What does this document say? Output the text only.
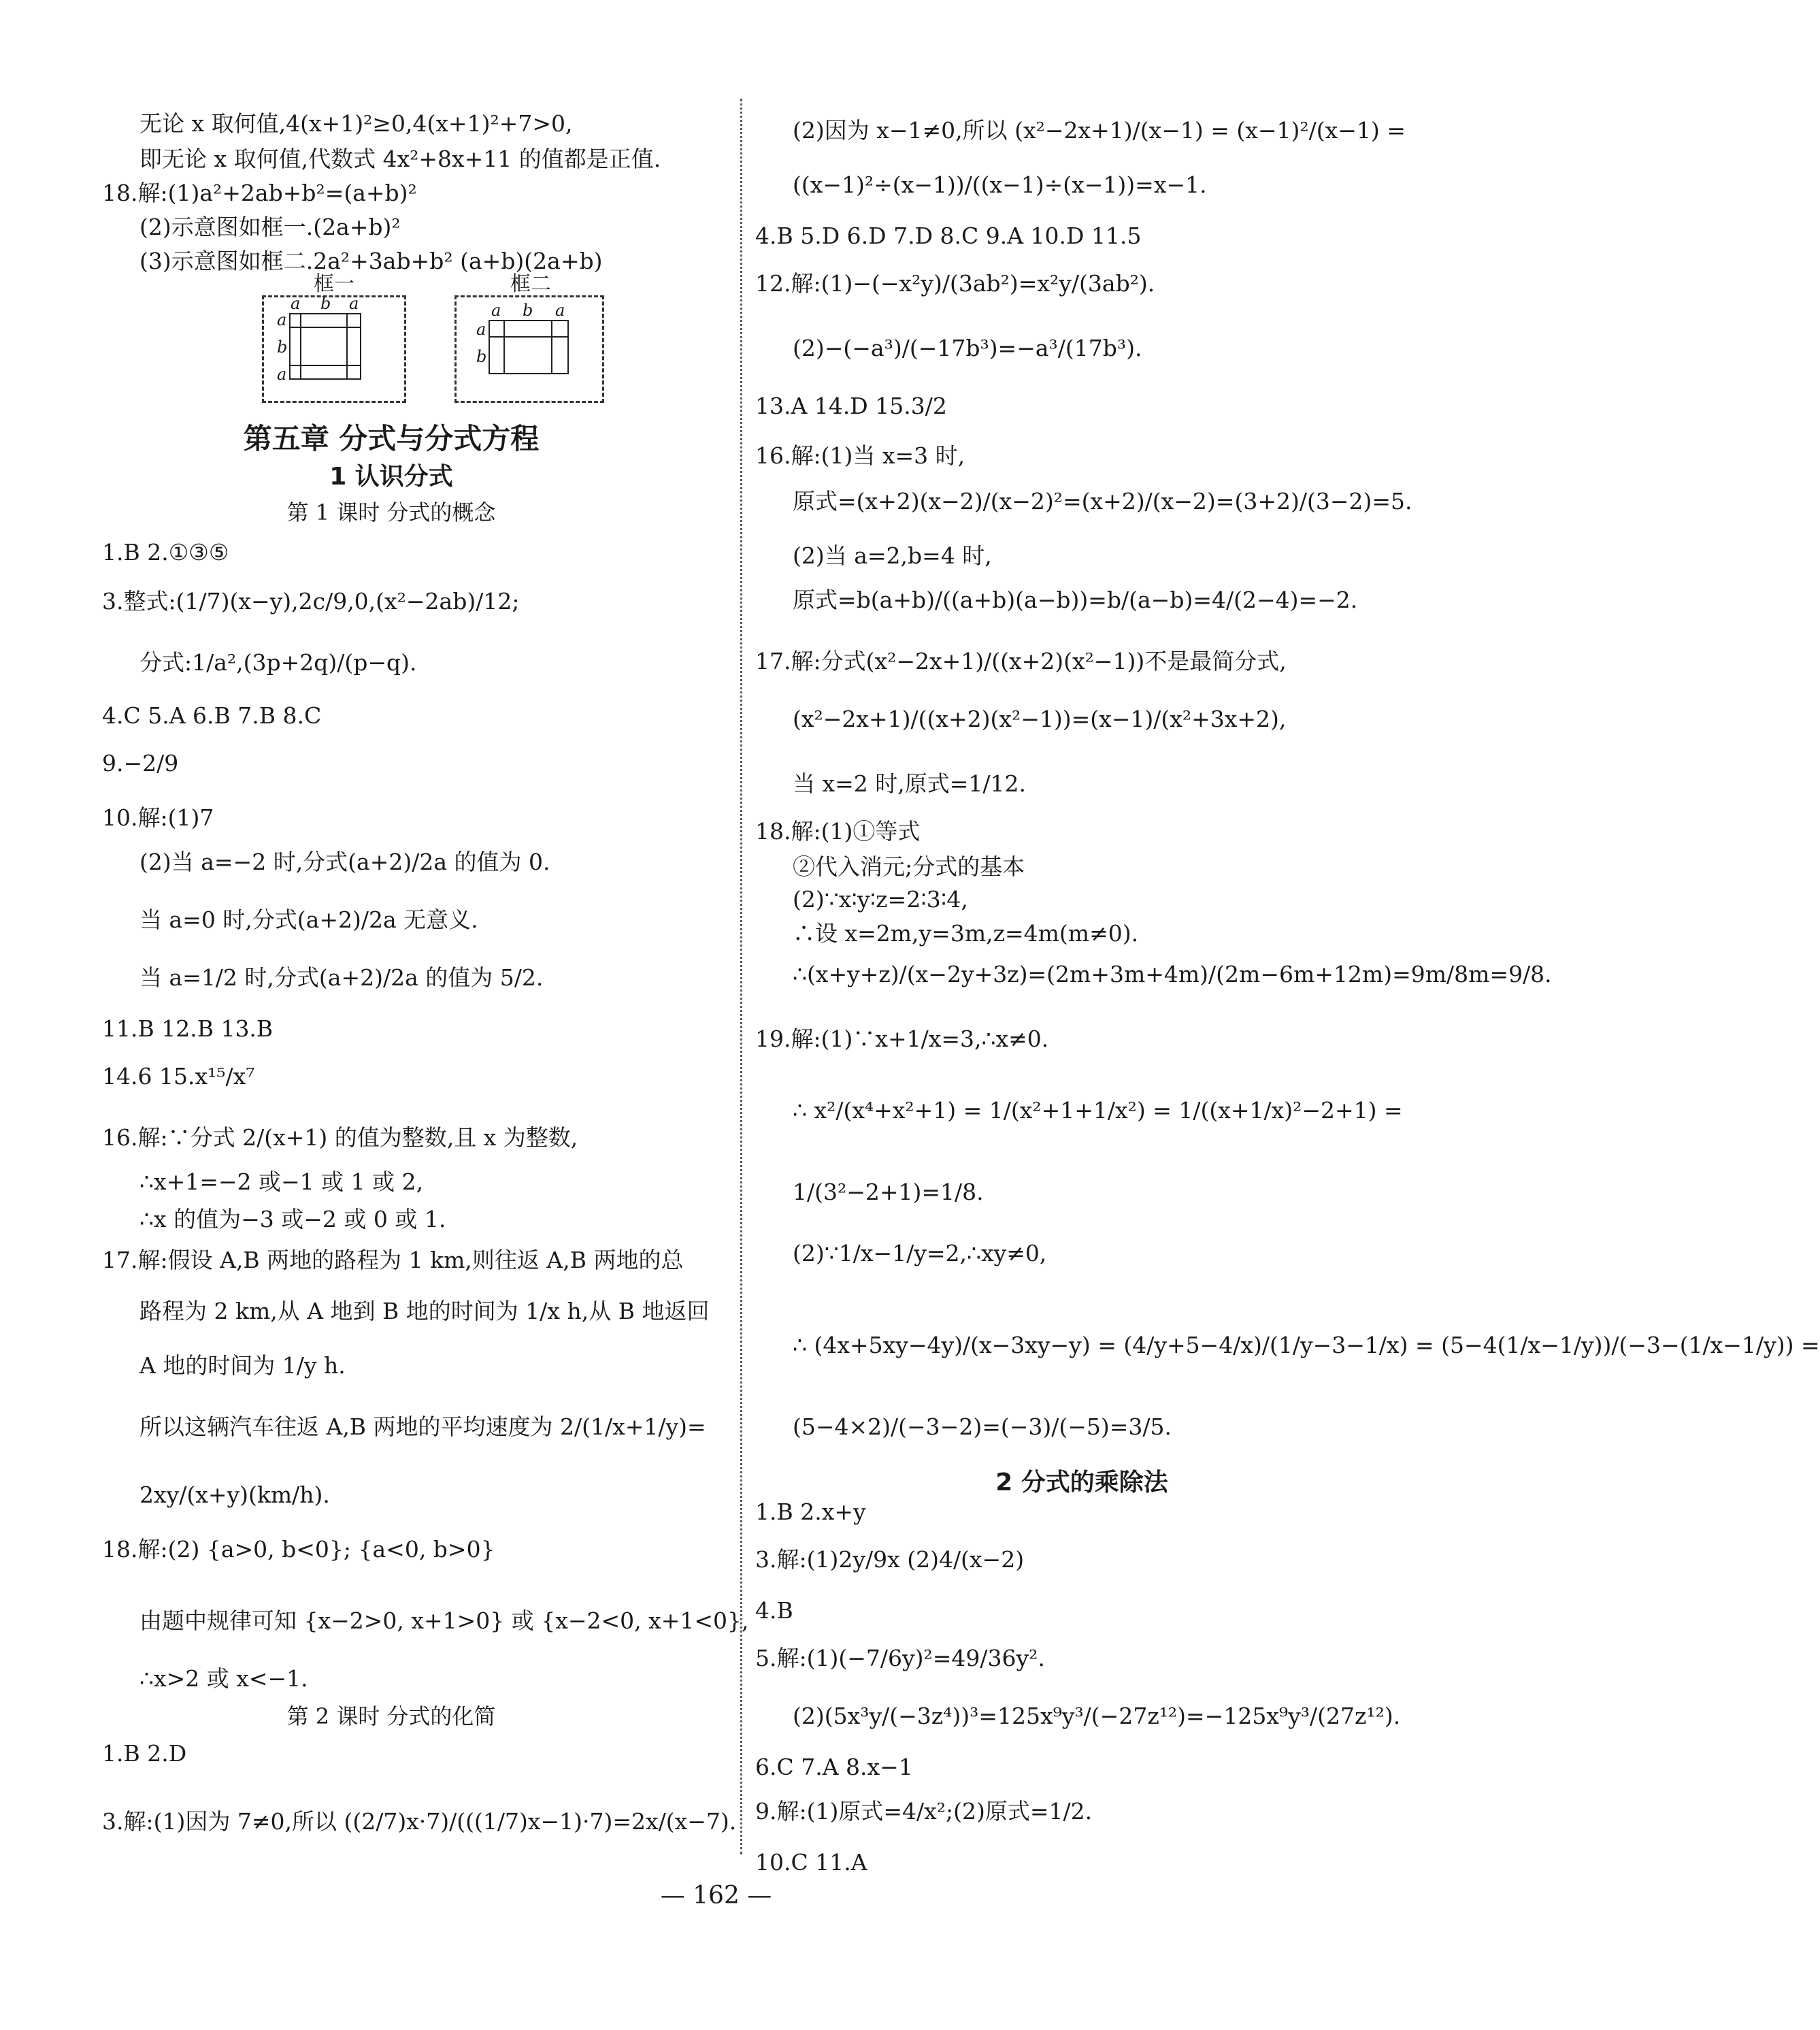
无论 x 取何值,4(x+1)²≥0,4(x+1)²+7>0,
即无论 x 取何值,代数式 4x²+8x+11 的值都是正值.
18.解:(1)a²+2ab+b²=(a+b)²
(2)示意图如框一.(2a+b)²
(3)示意图如框二.2a²+3ab+b² (a+b)(2a+b)
1.B 2.①③⑤
3.整式:(1/7)(x−y),2c/9,0,(x²−2ab)/12;
分式:1/a²,(3p+2q)/(p−q).
4.C 5.A 6.B 7.B 8.C
9.−2/9
10.解:(1)7
(2)当 a=−2 时,分式(a+2)/2a 的值为 0.
当 a=0 时,分式(a+2)/2a 无意义.
当 a=1/2 时,分式(a+2)/2a 的值为 5/2.
11.B 12.B 13.B
14.6 15.x¹⁵/x⁷
16.解:∵分式 2/(x+1) 的值为整数,且 x 为整数,
∴x+1=−2 或−1 或 1 或 2,
∴x 的值为−3 或−2 或 0 或 1.
17.解:假设 A,B 两地的路程为 1 km,则往返 A,B 两地的总
路程为 2 km,从 A 地到 B 地的时间为 1/x h,从 B 地返回
A 地的时间为 1/y h.
所以这辆汽车往返 A,B 两地的平均速度为 2/(1/x+1/y)=
2xy/(x+y)(km/h).
18.解:(2) {a>0, b<0}; {a<0, b>0}
由题中规律可知 {x−2>0, x+1>0} 或 {x−2<0, x+1<0},
∴x>2 或 x<−1.
1.B 2.D
3.解:(1)因为 7≠0,所以 ((2/7)x·7)/(((1/7)x−1)·7)=2x/(x−7).
(2)因为 x−1≠0,所以 (x²−2x+1)/(x−1) = (x−1)²/(x−1) =
((x−1)²÷(x−1))/((x−1)÷(x−1))=x−1.
4.B 5.D 6.D 7.D 8.C 9.A 10.D 11.5
12.解:(1)−(−x²y)/(3ab²)=x²y/(3ab²).
(2)−(−a³)/(−17b³)=−a³/(17b³).
13.A 14.D 15.3/2
16.解:(1)当 x=3 时,
原式=(x+2)(x−2)/(x−2)²=(x+2)/(x−2)=(3+2)/(3−2)=5.
(2)当 a=2,b=4 时,
原式=b(a+b)/((a+b)(a−b))=b/(a−b)=4/(2−4)=−2.
17.解:分式(x²−2x+1)/((x+2)(x²−1))不是最简分式,
(x²−2x+1)/((x+2)(x²−1))=(x−1)/(x²+3x+2),
当 x=2 时,原式=1/12.
18.解:(1)①等式
②代入消元;分式的基本
(2)∵x∶y∶z=2∶3∶4,
∴设 x=2m,y=3m,z=4m(m≠0).
∴(x+y+z)/(x−2y+3z)=(2m+3m+4m)/(2m−6m+12m)=9m/8m=9/8.
19.解:(1)∵x+1/x=3,∴x≠0.
∴ x²/(x⁴+x²+1) = 1/(x²+1+1/x²) = 1/((x+1/x)²−2+1) =
1/(3²−2+1)=1/8.
(2)∵1/x−1/y=2,∴xy≠0,
∴ (4x+5xy−4y)/(x−3xy−y) = (4/y+5−4/x)/(1/y−3−1/x) = (5−4(1/x−1/y))/(−3−(1/x−1/y)) =
(5−4×2)/(−3−2)=(−3)/(−5)=3/5.
1.B 2.x+y
3.解:(1)2y/9x (2)4/(x−2)
4.B
5.解:(1)(−7/6y)²=49/36y².
(2)(5x³y/(−3z⁴))³=125x⁹y³/(−27z¹²)=−125x⁹y³/(27z¹²).
6.C 7.A 8.x−1
9.解:(1)原式=4/x²;(2)原式=1/2.
10.C 11.A
第五章 分式与分式方程
1 认识分式
第 1 课时 分式的概念
第 2 课时 分式的化简
2 分式的乘除法
框一
a b a
a
b
a
框二
a b a
a
b
— 162 —
